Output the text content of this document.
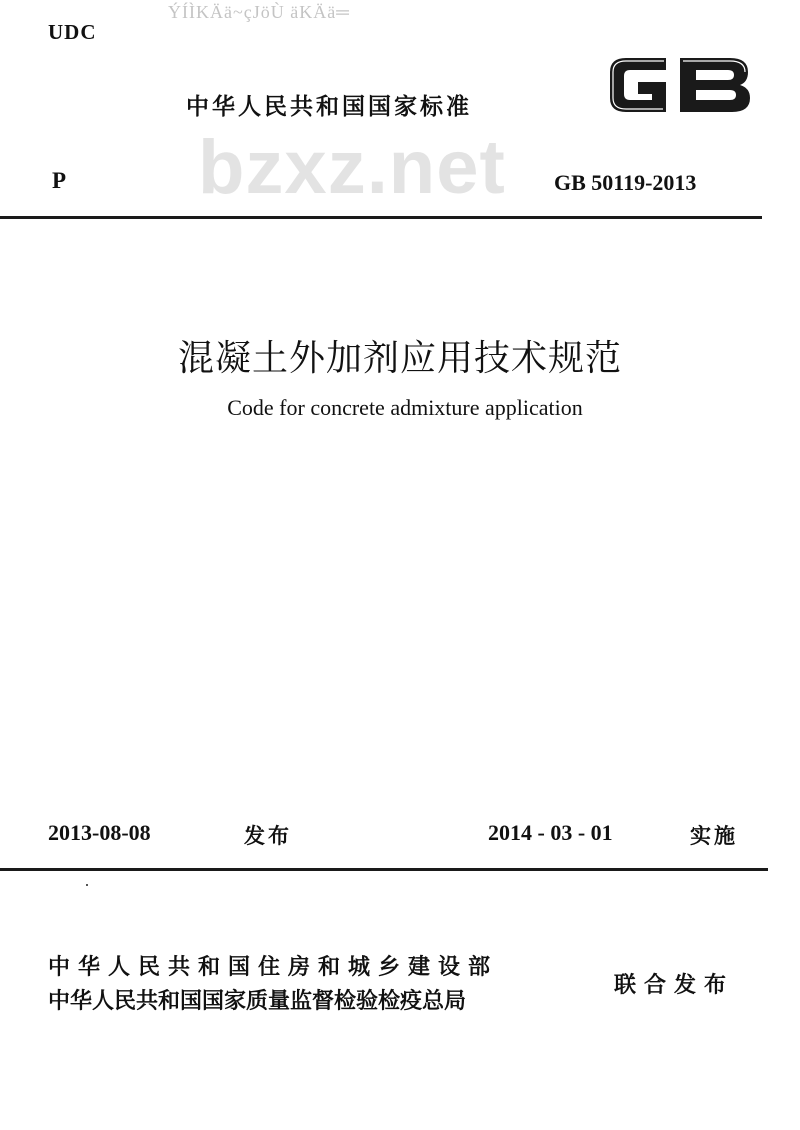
ÝÍÌKÄä~çJöÙ äKÄä═
UDC
中华人民共和国国家标准
bzxz.net
P	GB 50119-2013
混凝土外加剂应用技术规范
Code for concrete admixture application
2013-08-08	发布	2014 - 03 - 01	实施
中华人民共和国住房和城乡建设部
中华人民共和国国家质量监督检验检疫总局
联合发布
